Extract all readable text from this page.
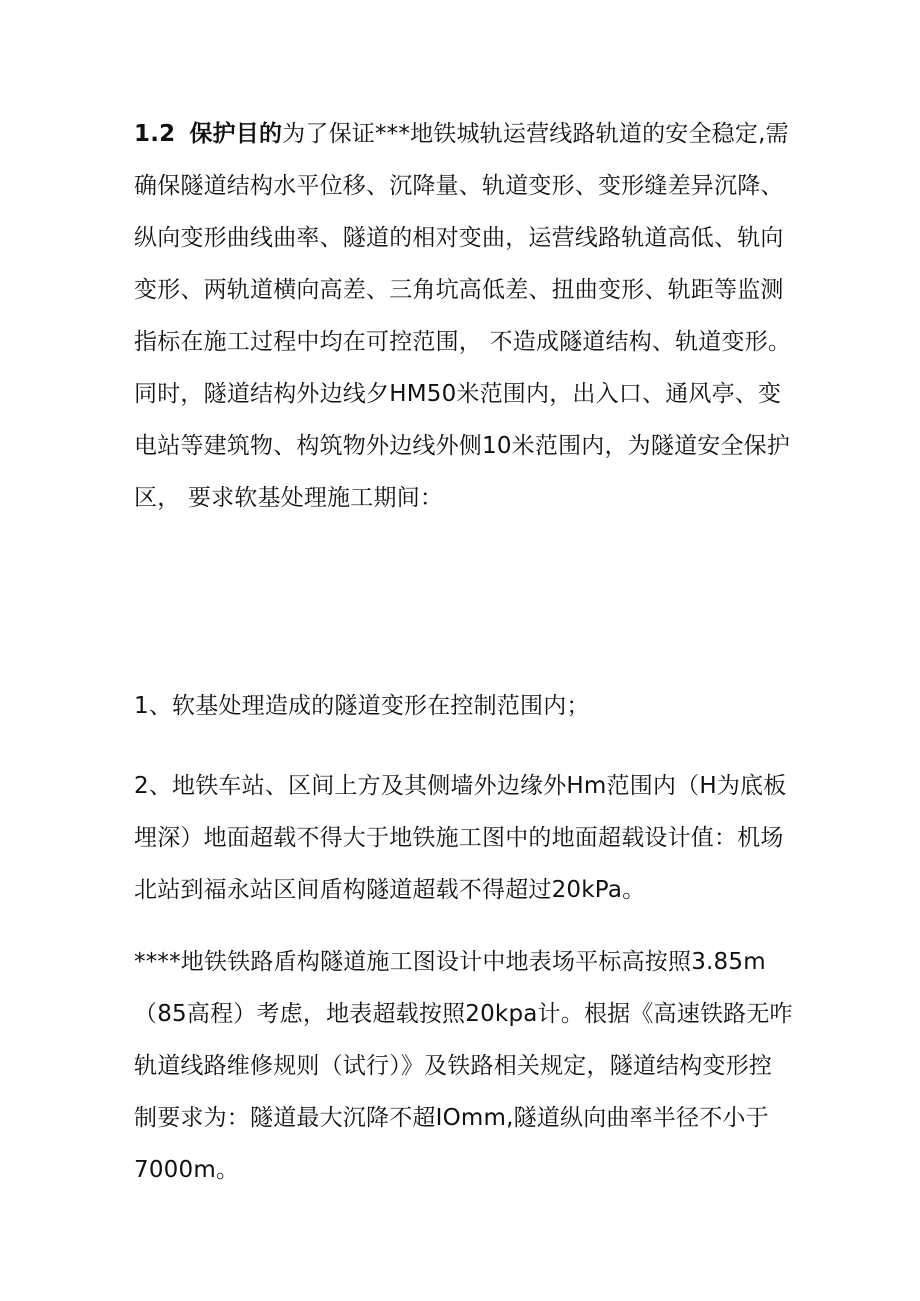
1.2 保护目的为了保证***地铁城轨运营线路轨道的安全稳定,需
确保隧道结构水平位移、沉降量、轨道变形、变形缝差异沉降、
纵向变形曲线曲率、隧道的相对变曲，运营线路轨道高低、轨向
变形、两轨道横向高差、三角坑高低差、扭曲变形、轨距等监测
指标在施工过程中均在可控范围， 不造成隧道结构、轨道变形。
同时，隧道结构外边线夕HM50米范围内，出入口、通风亭、变
电站等建筑物、构筑物外边线外侧10米范围内，为隧道安全保护
区， 要求软基处理施工期间：
1、软基处理造成的隧道变形在控制范围内；
2、地铁车站、区间上方及其侧墙外边缘外Hm范围内（H为底板
埋深）地面超载不得大于地铁施工图中的地面超载设计值：机场
北站到福永站区间盾构隧道超载不得超过20kPa。
****地铁铁路盾构隧道施工图设计中地表场平标高按照3.85m
（85高程）考虑，地表超载按照20kpa计。根据《高速铁路无咋
轨道线路维修规则（试行）》及铁路相关规定，隧道结构变形控
制要求为：隧道最大沉降不超IOmm,隧道纵向曲率半径不小于
7000m。
